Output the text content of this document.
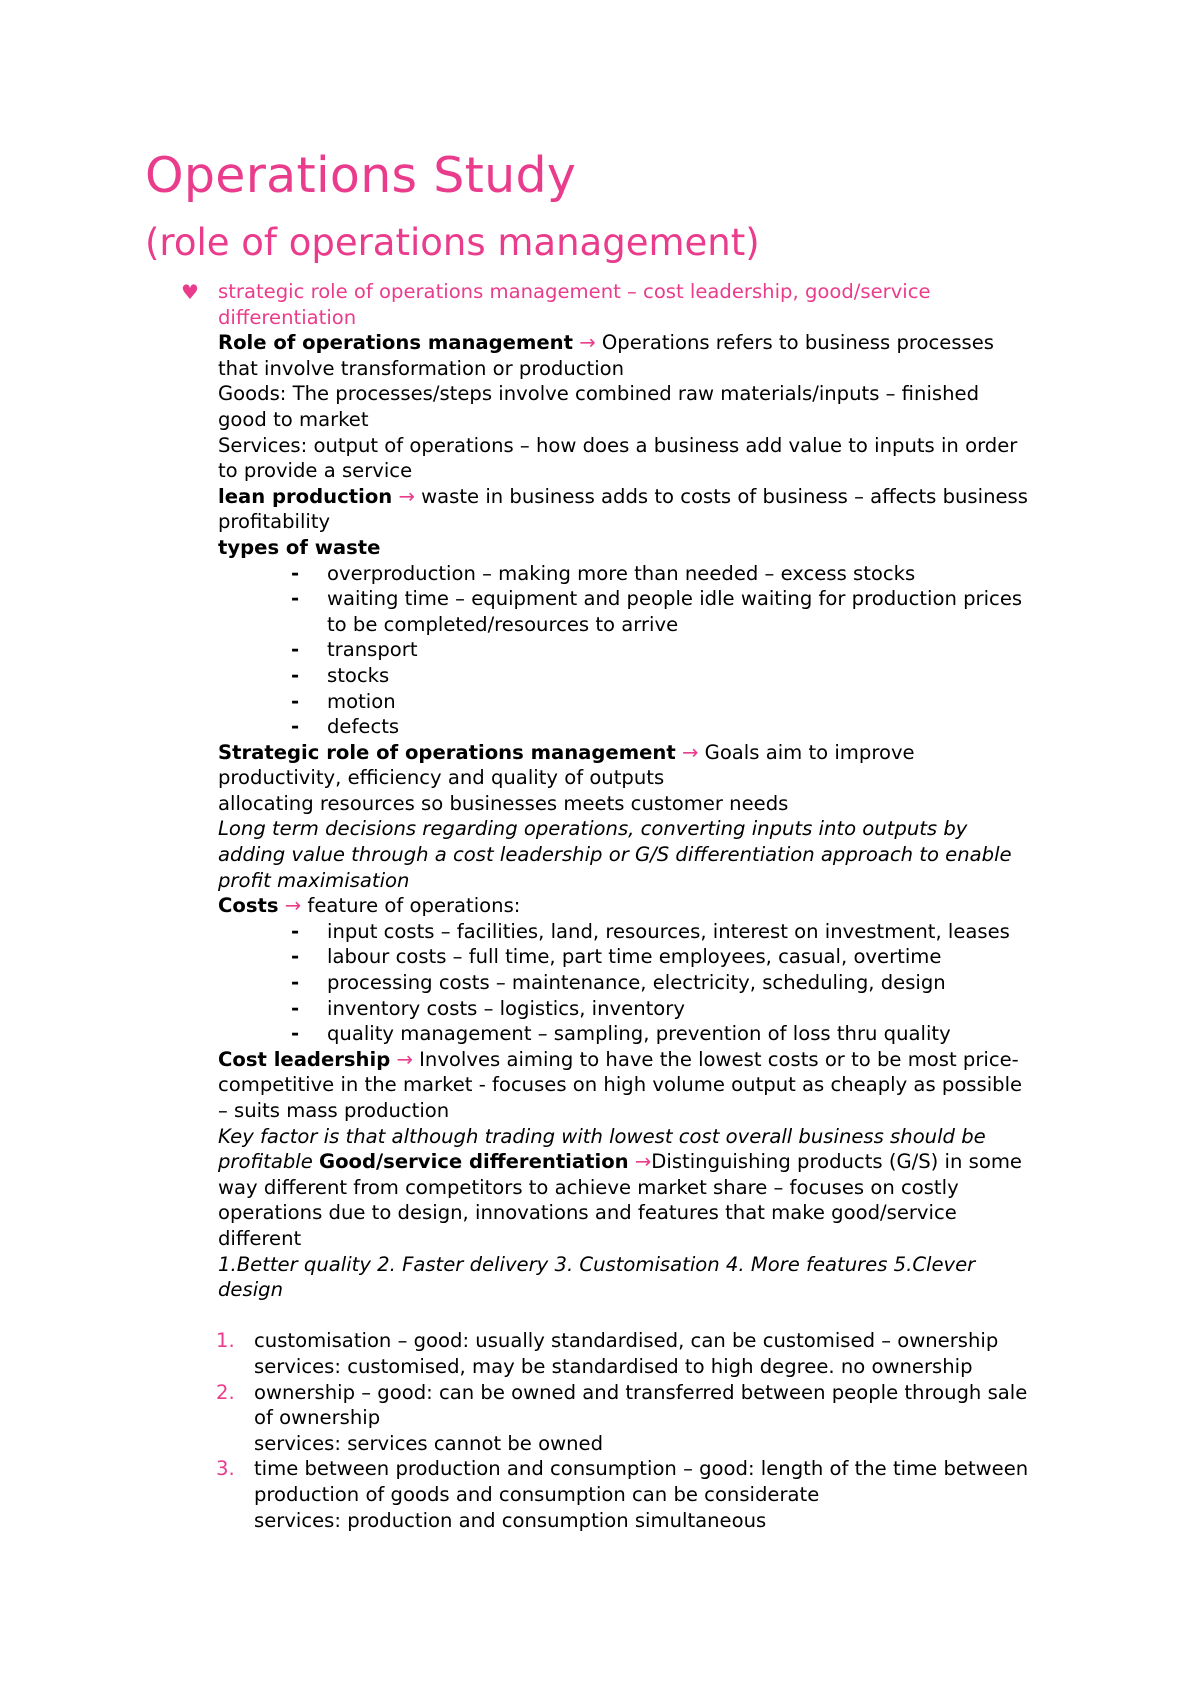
Operations Study
(role of operations management)
♥ strategic role of operations management – cost leadership, good/service

differentiation

Role of operations management → Operations refers to business processes

that involve transformation or production

Goods: The processes/steps involve combined raw materials/inputs – finished

good to market

Services: output of operations – how does a business add value to inputs in order

to provide a service

lean production → waste in business adds to costs of business – affects business

profitability

types of waste

- overproduction – making more than needed – excess stocks
- waiting time – equipment and people idle waiting for production prices
to be completed/resources to arrive
- transport
- stocks
- motion
- defects

Strategic role of operations management → Goals aim to improve

productivity, efficiency and quality of outputs

allocating resources so businesses meets customer needs

Long term decisions regarding operations, converting inputs into outputs by

adding value through a cost leadership or G/S differentiation approach to enable

profit maximisation

Costs → feature of operations:

- input costs – facilities, land, resources, interest on investment, leases
- labour costs – full time, part time employees, casual, overtime
- processing costs – maintenance, electricity, scheduling, design
- inventory costs – logistics, inventory
- quality management – sampling, prevention of loss thru quality

Cost leadership → Involves aiming to have the lowest costs or to be most price-

competitive in the market - focuses on high volume output as cheaply as possible

– suits mass production

Key factor is that although trading with lowest cost overall business should be

profitable Good/service differentiation →Distinguishing products (G/S) in some

way different from competitors to achieve market share – focuses on costly

operations due to design, innovations and features that make good/service

different

1.Better quality 2. Faster delivery 3. Customisation 4. More features 5.Clever

design

1. customisation – good: usually standardised, can be customised – ownership
services: customised, may be standardised to high degree. no ownership
2. ownership – good: can be owned and transferred between people through sale
of ownership
services: services cannot be owned
3. time between production and consumption – good: length of the time between
production of goods and consumption can be considerate
services: production and consumption simultaneous
